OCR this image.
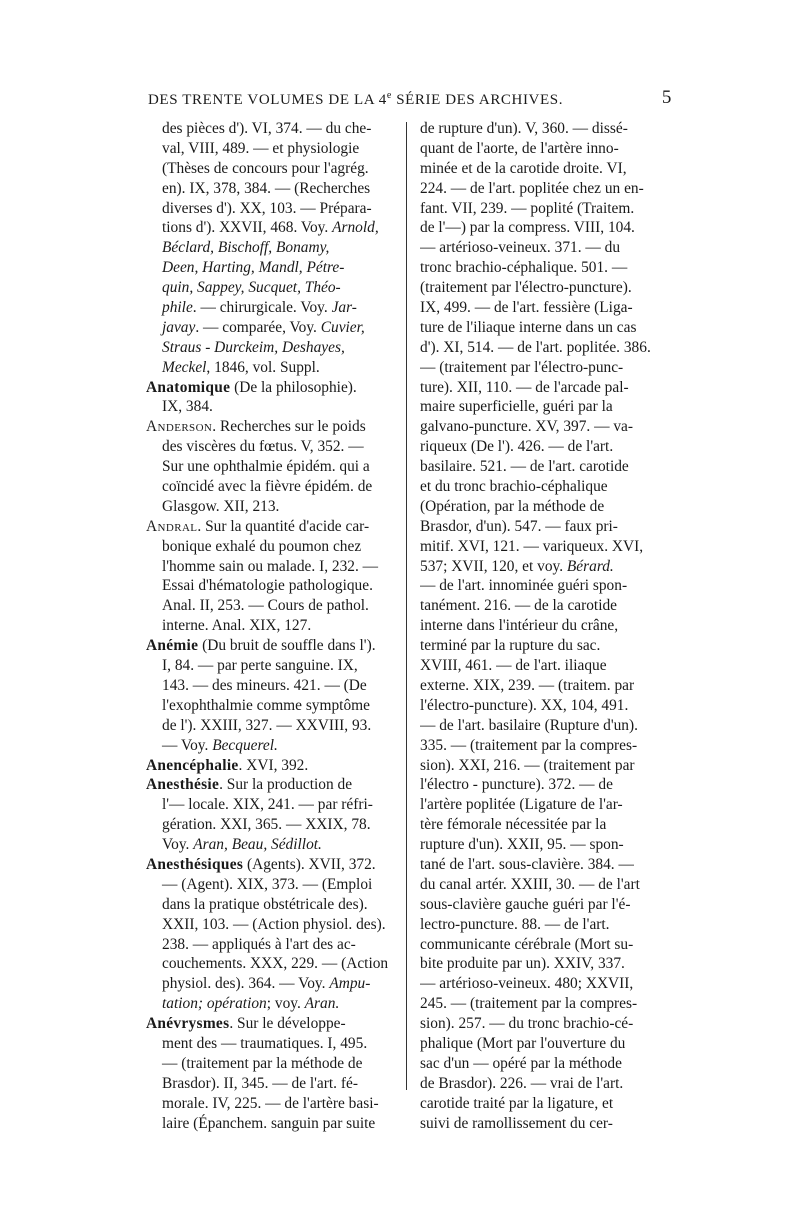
DES TRENTE VOLUMES DE LA 4e SÉRIE DES ARCHIVES.	5
des pièces d'). VI, 374. — du che-
val, VIII, 489. — et physiologie
(Thèses de concours pour l'agrég.
en). IX, 378, 384. — (Recherches
diverses d'). XX, 103. — Prépara-
tions d'). XXVII, 468. Voy. Arnold,
Béclard, Bischoff, Bonamy,
Deen, Harting, Mandl, Pétre-
quin, Sappey, Sucquet, Théo-
phile. — chirurgicale. Voy. Jar-
javay. — comparée, Voy. Cuvier,
Straus - Durckeim, Deshayes,
Meckel, 1846, vol. Suppl.
Anatomique (De la philosophie).
IX, 384.
Anderson. Recherches sur le poids
des viscères du fœtus. V, 352. —
Sur une ophthalmie épidém. qui a
coïncidé avec la fièvre épidém. de
Glasgow. XII, 213.
Andral. Sur la quantité d'acide car-
bonique exhalé du poumon chez
l'homme sain ou malade. I, 232. —
Essai d'hématologie pathologique.
Anal. II, 253. — Cours de pathol.
interne. Anal. XIX, 127.
Anémie (Du bruit de souffle dans l').
I, 84. — par perte sanguine. IX,
143. — des mineurs. 421. — (De
l'exophthalmie comme symptôme
de l'). XXIII, 327. — XXVIII, 93.
— Voy. Becquerel.
Anencéphalie. XVI, 392.
Anesthésie. Sur la production de
l'— locale. XIX, 241. — par réfri-
gération. XXI, 365. — XXIX, 78.
Voy. Aran, Beau, Sédillot.
Anesthésiques (Agents). XVII, 372.
— (Agent). XIX, 373. — (Emploi
dans la pratique obstétricale des).
XXII, 103. — (Action physiol. des).
238. — appliqués à l'art des ac-
couchements. XXX, 229. — (Action
physiol. des). 364. — Voy. Ampu-
tation; opération; voy. Aran.
Anévrysmes. Sur le développe-
ment des — traumatiques. I, 495.
— (traitement par la méthode de
Brasdor). II, 345. — de l'art. fé-
morale. IV, 225. — de l'artère basi-
laire (Épanchem. sanguin par suite
de rupture d'un). V, 360. — dissé-
quant de l'aorte, de l'artère inno-
minée et de la carotide droite. VI,
224. — de l'art. poplitée chez un en-
fant. VII, 239. — poplité (Traitem.
de l'—) par la compress. VIII, 104.
— artérioso-veineux. 371. — du
tronc brachio-céphalique. 501. —
(traitement par l'électro-puncture).
IX, 499. — de l'art. fessière (Liga-
ture de l'iliaque interne dans un cas
d'). XI, 514. — de l'art. poplitée. 386.
— (traitement par l'électro-punc-
ture). XII, 110. — de l'arcade pal-
maire superficielle, guéri par la
galvano-puncture. XV, 397. — va-
riqueux (De l'). 426. — de l'art.
basilaire. 521. — de l'art. carotide
et du tronc brachio-céphalique
(Opération, par la méthode de
Brasdor, d'un). 547. — faux pri-
mitif. XVI, 121. — variqueux. XVI,
537; XVII, 120, et voy. Bérard.
— de l'art. innominée guéri spon-
tanément. 216. — de la carotide
interne dans l'intérieur du crâne,
terminé par la rupture du sac.
XVIII, 461. — de l'art. iliaque
externe. XIX, 239. — (traitem. par
l'électro-puncture). XX, 104, 491.
— de l'art. basilaire (Rupture d'un).
335. — (traitement par la compres-
sion). XXI, 216. — (traitement par
l'électro - puncture). 372. — de
l'artère poplitée (Ligature de l'ar-
tère fémorale nécessitée par la
rupture d'un). XXII, 95. — spon-
tané de l'art. sous-clavière. 384. —
du canal artér. XXIII, 30. — de l'art
sous-clavière gauche guéri par l'é-
lectro-puncture. 88. — de l'art.
communicante cérébrale (Mort su-
bite produite par un). XXIV, 337.
— artérioso-veineux. 480; XXVII,
245. — (traitement par la compres-
sion). 257. — du tronc brachio-cé-
phalique (Mort par l'ouverture du
sac d'un — opéré par la méthode
de Brasdor). 226. — vrai de l'art.
carotide traité par la ligature, et
suivi de ramollissement du cer-
